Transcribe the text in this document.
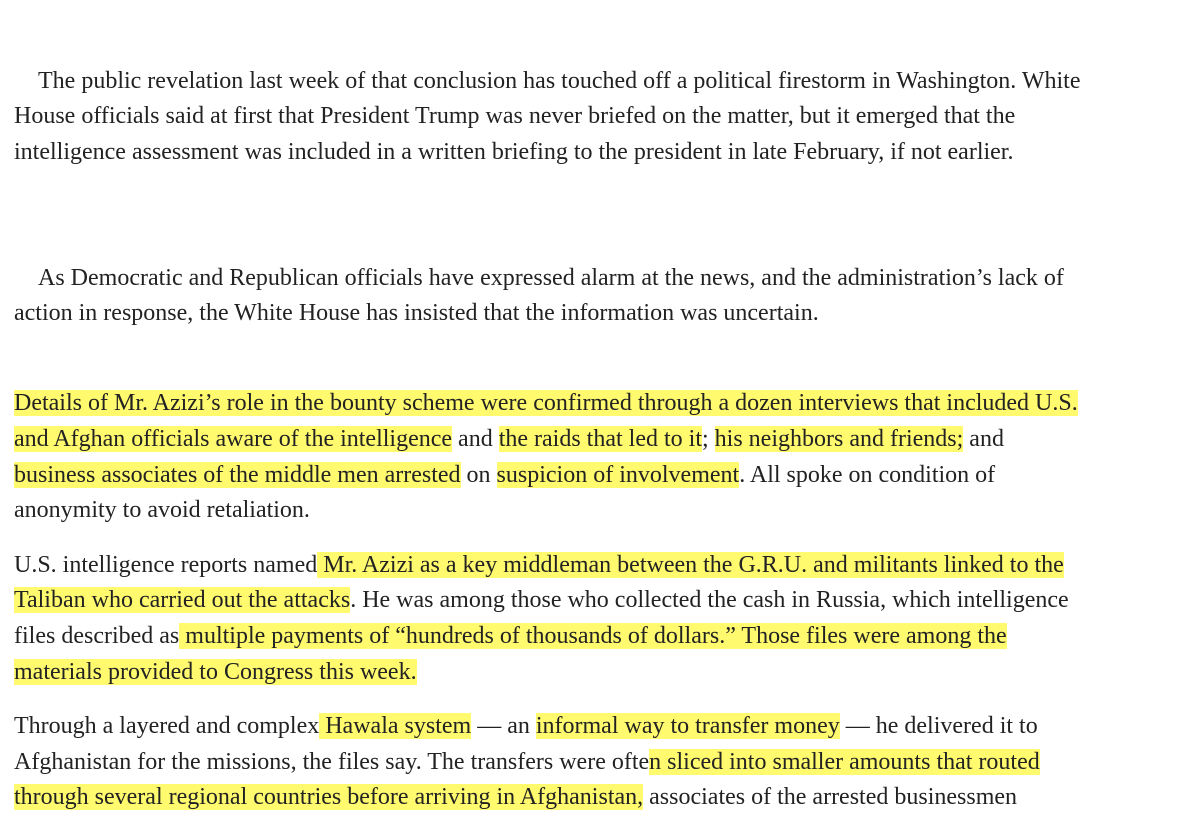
The public revelation last week of that conclusion has touched off a political firestorm in Washington. White
House officials said at first that President Trump was never briefed on the matter, but it emerged that the
intelligence assessment was included in a written briefing to the president in late February, if not earlier.

As Democratic and Republican officials have expressed alarm at the news, and the administration’s lack of
action in response, the White House has insisted that the information was uncertain.

Details of Mr. Azizi’s role in the bounty scheme were confirmed through a dozen interviews that included U.S.
and Afghan officials aware of the intelligence and the raids that led to it; his neighbors and friends; and
business associates of the middle men arrested on suspicion of involvement. All spoke on condition of
anonymity to avoid retaliation.

U.S. intelligence reports named Mr. Azizi as a key middleman between the G.R.U. and militants linked to the
Taliban who carried out the attacks. He was among those who collected the cash in Russia, which intelligence
files described as multiple payments of “hundreds of thousands of dollars.” Those files were among the
materials provided to Congress this week.

Through a layered and complex Hawala system — an informal way to transfer money — he delivered it to
Afghanistan for the missions, the files say. The transfers were often sliced into smaller amounts that routed
through several regional countries before arriving in Afghanistan, associates of the arrested businessmen
